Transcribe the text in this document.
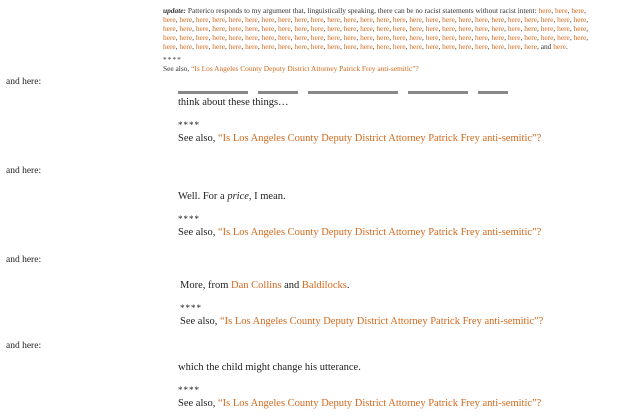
update: Patterico responds to my argument that, linguistically speaking, there can be no racist statements without racist intent: here, here, here, here, here, here, here, here, here, here, here, here, here, here, here, here, here, here, here, here, here, here, here, here, here, here, here, here, here, here, here, here, here, here, here, here, here, here, here, here, here, here, here, here, here, here, here, here, here, here, here, here, here, here, here, here, here, here, here, here, here, here, here, here, here, here, here, here, here, here, here, here, here, here, here, here, here, here, here, here, here, here, here, here, here, here, here, here, here, here, here, here, here, here, here, here, here, here, here, here, here, here, here, here, and here.
****
See also, “Is Los Angeles County Deputy District Attorney Patrick Frey anti-semitic”?
and here:

think about these things…

****
See also, “Is Los Angeles County Deputy District Attorney Patrick Frey anti-semitic”?
and here:

Well. For a price, I mean.

****
See also, “Is Los Angeles County Deputy District Attorney Patrick Frey anti-semitic”?
and here:

More, from Dan Collins and Baldilocks.

****
See also, “Is Los Angeles County Deputy District Attorney Patrick Frey anti-semitic”?
and here:

which the child might change his utterance.

****
See also, “Is Los Angeles County Deputy District Attorney Patrick Frey anti-semitic”?
